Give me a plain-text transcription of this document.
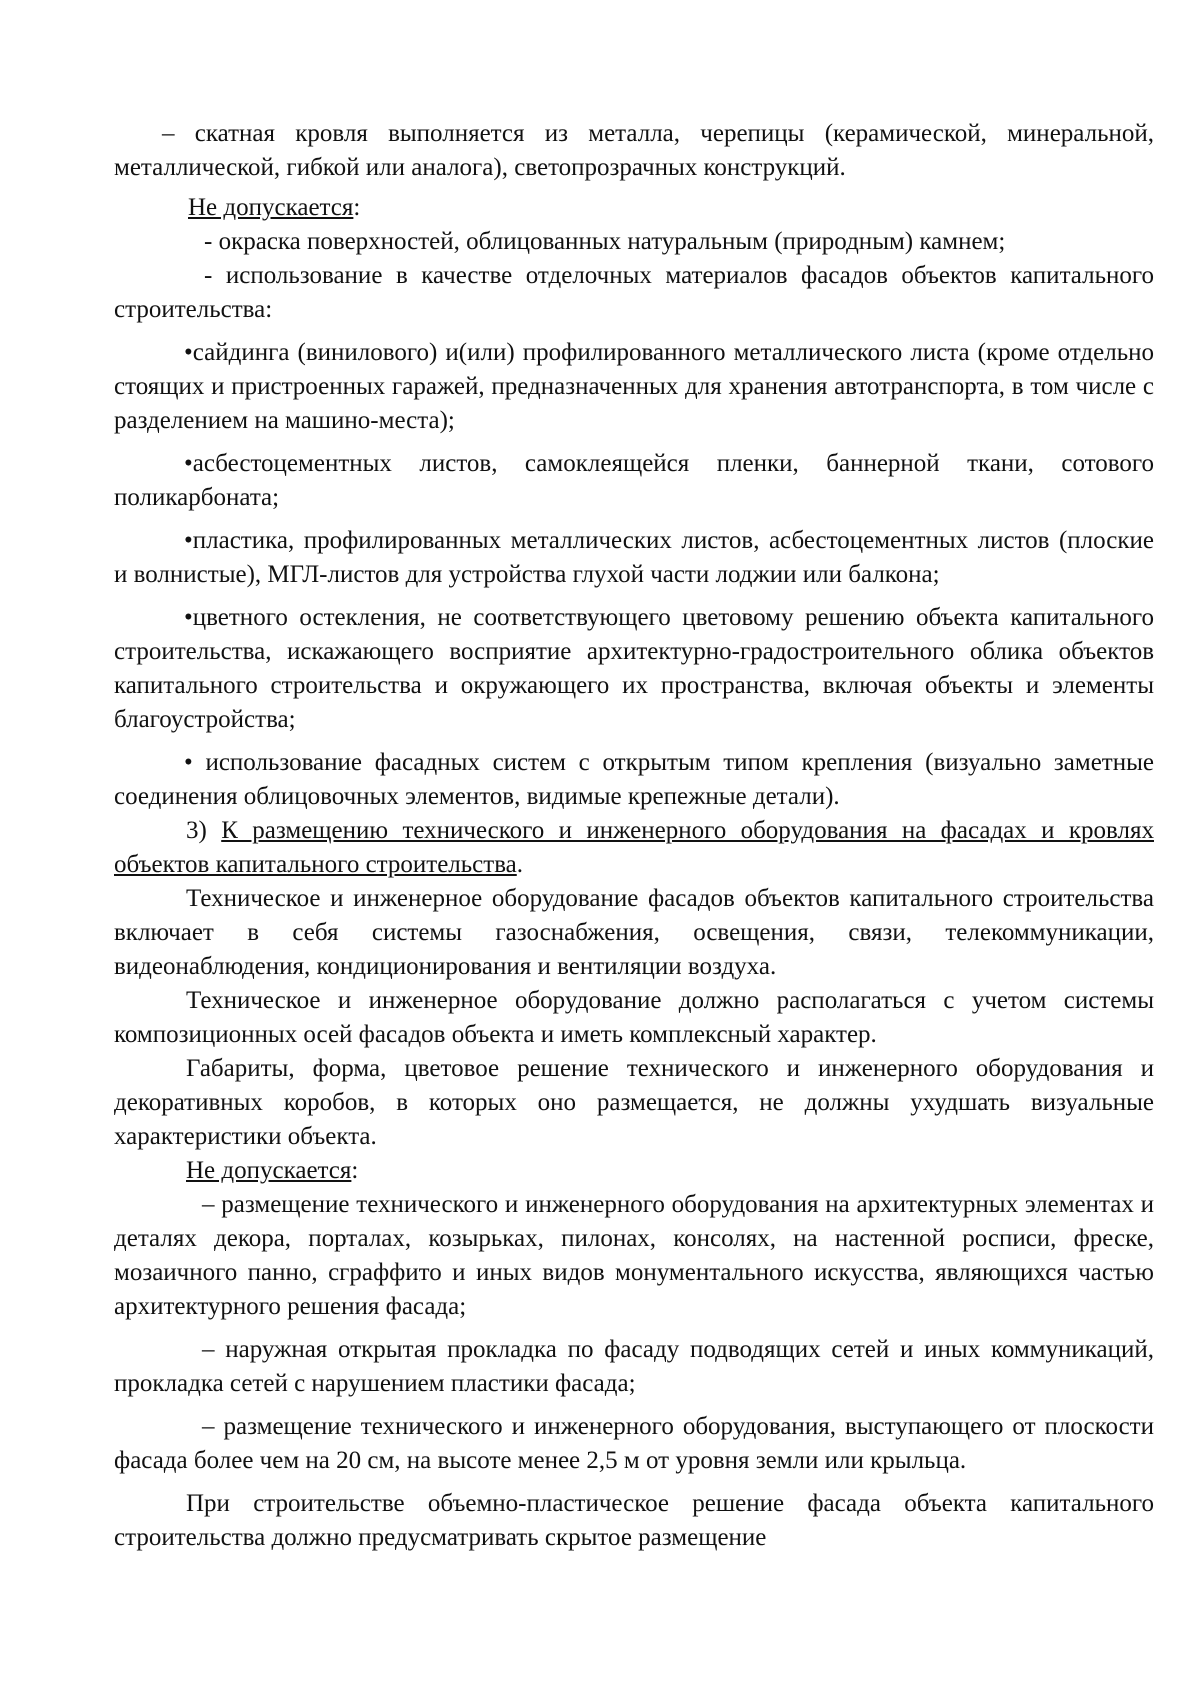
– скатная кровля выполняется из металла, черепицы (керамической, минеральной, металлической, гибкой или аналога), светопрозрачных конструкций.

Не допускается:

- окраска поверхностей, облицованных натуральным (природным) камнем;

- использование в качестве отделочных материалов фасадов объектов капитального строительства:

•сайдинга (винилового) и(или) профилированного металлического листа (кроме отдельно стоящих и пристроенных гаражей, предназначенных для хранения автотранспорта, в том числе с разделением на машино-места);

•асбестоцементных листов, самоклеящейся пленки, баннерной ткани, сотового поликарбоната;

•пластика, профилированных металлических листов, асбестоцементных листов (плоские и волнистые), МГЛ-листов для устройства глухой части лоджии или балкона;

•цветного остекления, не соответствующего цветовому решению объекта капитального строительства, искажающего восприятие архитектурно-градостроительного облика объектов капитального строительства и окружающего их пространства, включая объекты и элементы благоустройства;

• использование фасадных систем с открытым типом крепления (визуально заметные соединения облицовочных элементов, видимые крепежные детали).

3) К размещению технического и инженерного оборудования на фасадах и кровлях объектов капитального строительства.

Техническое и инженерное оборудование фасадов объектов капитального строительства включает в себя системы газоснабжения, освещения, связи, телекоммуникации, видеонаблюдения, кондиционирования и вентиляции воздуха.

Техническое и инженерное оборудование должно располагаться с учетом системы композиционных осей фасадов объекта и иметь комплексный характер.

Габариты, форма, цветовое решение технического и инженерного оборудования и декоративных коробов, в которых оно размещается, не должны ухудшать визуальные характеристики объекта.

Не допускается:

– размещение технического и инженерного оборудования на архитектурных элементах и деталях декора, порталах, козырьках, пилонах, консолях, на настенной росписи, фреске, мозаичного панно, сграффито и иных видов монументального искусства, являющихся частью архитектурного решения фасада;

– наружная открытая прокладка по фасаду подводящих сетей и иных коммуникаций, прокладка сетей с нарушением пластики фасада;

– размещение технического и инженерного оборудования, выступающего от плоскости фасада более чем на 20 см, на высоте менее 2,5 м от уровня земли или крыльца.

При строительстве объемно-пластическое решение фасада объекта капитального строительства должно предусматривать скрытое размещение
